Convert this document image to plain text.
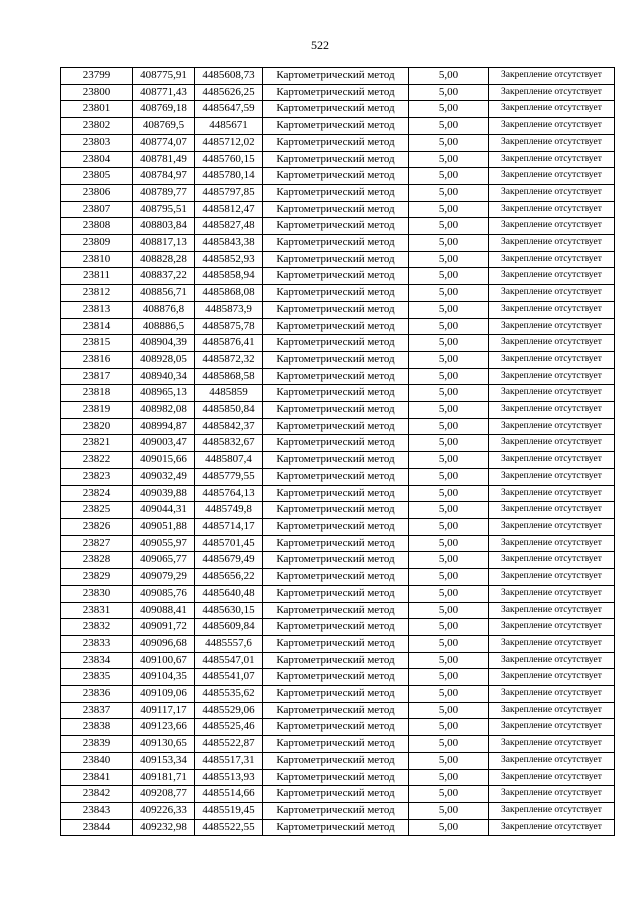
522
23799	408775,91	4485608,73	Картометрический метод	5,00	Закрепление отсутствует
23800	408771,43	4485626,25	Картометрический метод	5,00	Закрепление отсутствует
23801	408769,18	4485647,59	Картометрический метод	5,00	Закрепление отсутствует
23802	408769,5	4485671	Картометрический метод	5,00	Закрепление отсутствует
23803	408774,07	4485712,02	Картометрический метод	5,00	Закрепление отсутствует
23804	408781,49	4485760,15	Картометрический метод	5,00	Закрепление отсутствует
23805	408784,97	4485780,14	Картометрический метод	5,00	Закрепление отсутствует
23806	408789,77	4485797,85	Картометрический метод	5,00	Закрепление отсутствует
23807	408795,51	4485812,47	Картометрический метод	5,00	Закрепление отсутствует
23808	408803,84	4485827,48	Картометрический метод	5,00	Закрепление отсутствует
23809	408817,13	4485843,38	Картометрический метод	5,00	Закрепление отсутствует
23810	408828,28	4485852,93	Картометрический метод	5,00	Закрепление отсутствует
23811	408837,22	4485858,94	Картометрический метод	5,00	Закрепление отсутствует
23812	408856,71	4485868,08	Картометрический метод	5,00	Закрепление отсутствует
23813	408876,8	4485873,9	Картометрический метод	5,00	Закрепление отсутствует
23814	408886,5	4485875,78	Картометрический метод	5,00	Закрепление отсутствует
23815	408904,39	4485876,41	Картометрический метод	5,00	Закрепление отсутствует
23816	408928,05	4485872,32	Картометрический метод	5,00	Закрепление отсутствует
23817	408940,34	4485868,58	Картометрический метод	5,00	Закрепление отсутствует
23818	408965,13	4485859	Картометрический метод	5,00	Закрепление отсутствует
23819	408982,08	4485850,84	Картометрический метод	5,00	Закрепление отсутствует
23820	408994,87	4485842,37	Картометрический метод	5,00	Закрепление отсутствует
23821	409003,47	4485832,67	Картометрический метод	5,00	Закрепление отсутствует
23822	409015,66	4485807,4	Картометрический метод	5,00	Закрепление отсутствует
23823	409032,49	4485779,55	Картометрический метод	5,00	Закрепление отсутствует
23824	409039,88	4485764,13	Картометрический метод	5,00	Закрепление отсутствует
23825	409044,31	4485749,8	Картометрический метод	5,00	Закрепление отсутствует
23826	409051,88	4485714,17	Картометрический метод	5,00	Закрепление отсутствует
23827	409055,97	4485701,45	Картометрический метод	5,00	Закрепление отсутствует
23828	409065,77	4485679,49	Картометрический метод	5,00	Закрепление отсутствует
23829	409079,29	4485656,22	Картометрический метод	5,00	Закрепление отсутствует
23830	409085,76	4485640,48	Картометрический метод	5,00	Закрепление отсутствует
23831	409088,41	4485630,15	Картометрический метод	5,00	Закрепление отсутствует
23832	409091,72	4485609,84	Картометрический метод	5,00	Закрепление отсутствует
23833	409096,68	4485557,6	Картометрический метод	5,00	Закрепление отсутствует
23834	409100,67	4485547,01	Картометрический метод	5,00	Закрепление отсутствует
23835	409104,35	4485541,07	Картометрический метод	5,00	Закрепление отсутствует
23836	409109,06	4485535,62	Картометрический метод	5,00	Закрепление отсутствует
23837	409117,17	4485529,06	Картометрический метод	5,00	Закрепление отсутствует
23838	409123,66	4485525,46	Картометрический метод	5,00	Закрепление отсутствует
23839	409130,65	4485522,87	Картометрический метод	5,00	Закрепление отсутствует
23840	409153,34	4485517,31	Картометрический метод	5,00	Закрепление отсутствует
23841	409181,71	4485513,93	Картометрический метод	5,00	Закрепление отсутствует
23842	409208,77	4485514,66	Картометрический метод	5,00	Закрепление отсутствует
23843	409226,33	4485519,45	Картометрический метод	5,00	Закрепление отсутствует
23844	409232,98	4485522,55	Картометрический метод	5,00	Закрепление отсутствует
